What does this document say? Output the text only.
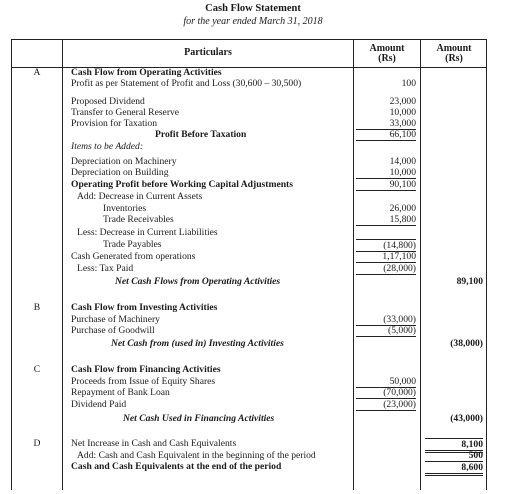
Cash Flow Statement
for the year ended March 31, 2018
Particulars	Amount
(Rs)
Amount
(Rs)
A	Cash Flow from Operating Activities
Profit as per Statement of Profit and Loss (30,600 – 30,500)	100
Proposed Dividend	23,000
Transfer to General Reserve	10,000
Provision for Taxation	33,000
Profit Before Taxation	66,100
Items to be Added:
Depreciation on Machinery	14,000
Depreciation on Building	10,000
Operating Profit before Working Capital Adjustments	90,100
Add: Decrease in Current Assets
Inventories	26,000
Trade Receivables	15,800
Less: Decrease in Current Liabilities
Trade Payables	(14,800)
Cash Generated from operations	1,17,100
Less: Tax Paid	(28,000)
Net Cash Flows from Operating Activities	89,100
B	Cash Flow from Investing Activities
Purchase of Machinery	(33,000)
Purchase of Goodwill	(5,000)
Net Cash from (used in) Investing Activities	(38,000)
C	Cash Flow from Financing Activities
Proceeds from Issue of Equity Shares	50,000
Repayment of Bank Loan	(70,000)
Dividend Paid	(23,000)
Net Cash Used in Financing Activities	(43,000)
D	Net Increase in Cash and Cash Equivalents	8,100
Add: Cash and Cash Equivalent in the beginning of the period	500
Cash and Cash Equivalents at the end of the period	8,600
